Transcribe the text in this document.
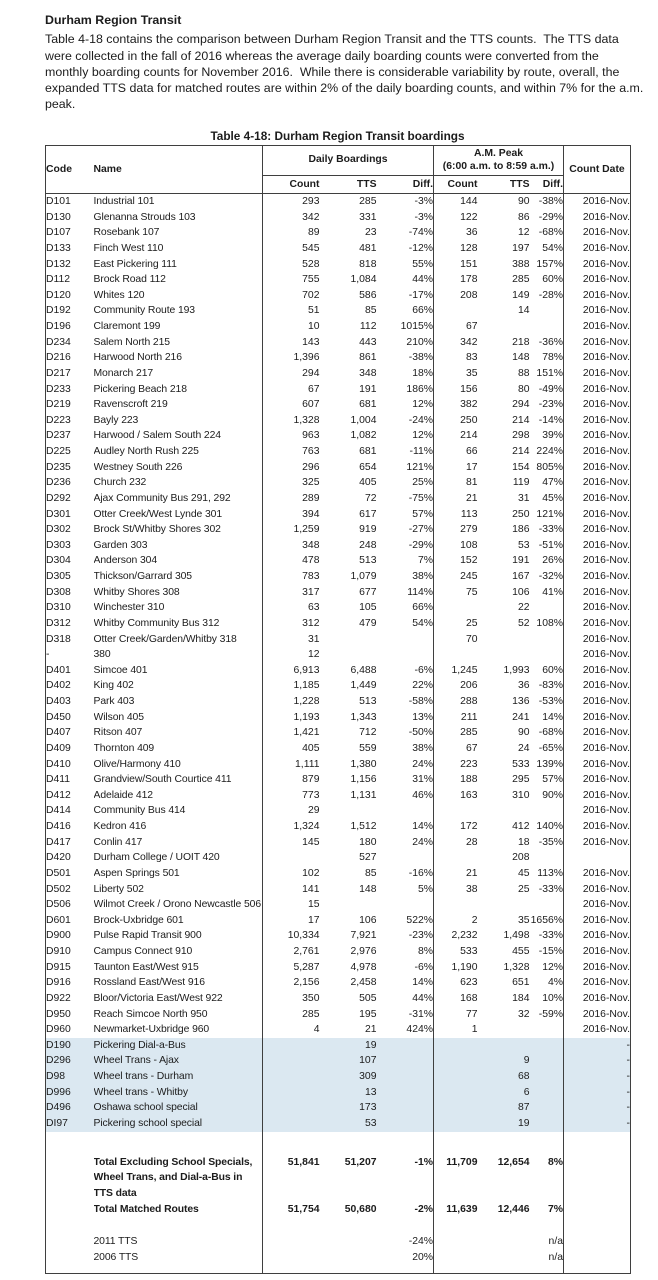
Durham Region Transit
Table 4-18 contains the comparison between Durham Region Transit and the TTS counts.  The TTS data were collected in the fall of 2016 whereas the average daily boarding counts were converted from the monthly boarding counts for November 2016.  While there is considerable variability by route, overall, the expanded TTS data for matched routes are within 2% of the daily boarding counts, and within 7% for the a.m. peak.
Table 4-18: Durham Region Transit boardings
Code	Name	Daily Boardings			A.M. Peak
(6:00 a.m. to 8:59 a.m.)			Count Date
		Count	TTS	Diff.	Count	TTS	Diff.	
D101	Industrial 101	293	285	-3%	144	90	-38%	2016-Nov.
D130	Glenanna Strouds 103	342	331	-3%	122	86	-29%	2016-Nov.
D107	Rosebank 107	89	23	-74%	36	12	-68%	2016-Nov.
D133	Finch West 110	545	481	-12%	128	197	54%	2016-Nov.
D132	East Pickering 111	528	818	55%	151	388	157%	2016-Nov.
D112	Brock Road 112	755	1,084	44%	178	285	60%	2016-Nov.
D120	Whites 120	702	586	-17%	208	149	-28%	2016-Nov.
D192	Community Route 193	51	85	66%		14		2016-Nov.
D196	Claremont 199	10	112	1015%	67			2016-Nov.
D234	Salem North 215	143	443	210%	342	218	-36%	2016-Nov.
D216	Harwood North 216	1,396	861	-38%	83	148	78%	2016-Nov.
D217	Monarch 217	294	348	18%	35	88	151%	2016-Nov.
D233	Pickering Beach 218	67	191	186%	156	80	-49%	2016-Nov.
D219	Ravenscroft 219	607	681	12%	382	294	-23%	2016-Nov.
D223	Bayly 223	1,328	1,004	-24%	250	214	-14%	2016-Nov.
D237	Harwood / Salem South 224	963	1,082	12%	214	298	39%	2016-Nov.
D225	Audley North Rush 225	763	681	-11%	66	214	224%	2016-Nov.
D235	Westney South 226	296	654	121%	17	154	805%	2016-Nov.
D236	Church 232	325	405	25%	81	119	47%	2016-Nov.
D292	Ajax Community Bus 291, 292	289	72	-75%	21	31	45%	2016-Nov.
D301	Otter Creek/West Lynde 301	394	617	57%	113	250	121%	2016-Nov.
D302	Brock St/Whitby Shores 302	1,259	919	-27%	279	186	-33%	2016-Nov.
D303	Garden 303	348	248	-29%	108	53	-51%	2016-Nov.
D304	Anderson 304	478	513	7%	152	191	26%	2016-Nov.
D305	Thickson/Garrard 305	783	1,079	38%	245	167	-32%	2016-Nov.
D308	Whitby Shores 308	317	677	114%	75	106	41%	2016-Nov.
D310	Winchester 310	63	105	66%		22		2016-Nov.
D312	Whitby Community Bus 312	312	479	54%	25	52	108%	2016-Nov.
D318	Otter Creek/Garden/Whitby 318	31			70			2016-Nov.
-	380	12						2016-Nov.
D401	Simcoe 401	6,913	6,488	-6%	1,245	1,993	60%	2016-Nov.
D402	King 402	1,185	1,449	22%	206	36	-83%	2016-Nov.
D403	Park 403	1,228	513	-58%	288	136	-53%	2016-Nov.
D450	Wilson 405	1,193	1,343	13%	211	241	14%	2016-Nov.
D407	Ritson 407	1,421	712	-50%	285	90	-68%	2016-Nov.
D409	Thornton 409	405	559	38%	67	24	-65%	2016-Nov.
D410	Olive/Harmony 410	1,111	1,380	24%	223	533	139%	2016-Nov.
D411	Grandview/South Courtice 411	879	1,156	31%	188	295	57%	2016-Nov.
D412	Adelaide 412	773	1,131	46%	163	310	90%	2016-Nov.
D414	Community Bus 414	29						2016-Nov.
D416	Kedron 416	1,324	1,512	14%	172	412	140%	2016-Nov.
D417	Conlin 417	145	180	24%	28	18	-35%	2016-Nov.
D420	Durham College / UOIT 420		527			208		
D501	Aspen Springs 501	102	85	-16%	21	45	113%	2016-Nov.
D502	Liberty 502	141	148	5%	38	25	-33%	2016-Nov.
D506	Wilmot Creek / Orono Newcastle 506	15						2016-Nov.
D601	Brock-Uxbridge 601	17	106	522%	2	35	1656%	2016-Nov.
D900	Pulse Rapid Transit 900	10,334	7,921	-23%	2,232	1,498	-33%	2016-Nov.
D910	Campus Connect 910	2,761	2,976	8%	533	455	-15%	2016-Nov.
D915	Taunton East/West 915	5,287	4,978	-6%	1,190	1,328	12%	2016-Nov.
D916	Rossland East/West 916	2,156	2,458	14%	623	651	4%	2016-Nov.
D922	Bloor/Victoria East/West 922	350	505	44%	168	184	10%	2016-Nov.
D950	Reach Simcoe North 950	285	195	-31%	77	32	-59%	2016-Nov.
D960	Newmarket-Uxbridge 960	4	21	424%	1			2016-Nov.
D190	Pickering Dial-a-Bus		19					-
D296	Wheel Trans - Ajax		107			9		-
D98	Wheel trans - Durham		309			68		-
D996	Wheel trans - Whitby		13			6		-
D496	Oshawa school special		173			87		-
DI97	Pickering school special		53			19		-

	Total Excluding School Specials, Wheel Trans, and Dial-a-Bus in TTS data	51,841	51,207	-1%	11,709	12,654	8%	
	Total Matched Routes	51,754	50,680	-2%	11,639	12,446	7%	

	2011 TTS			-24%			n/a	
	2006 TTS			20%			n/a	
